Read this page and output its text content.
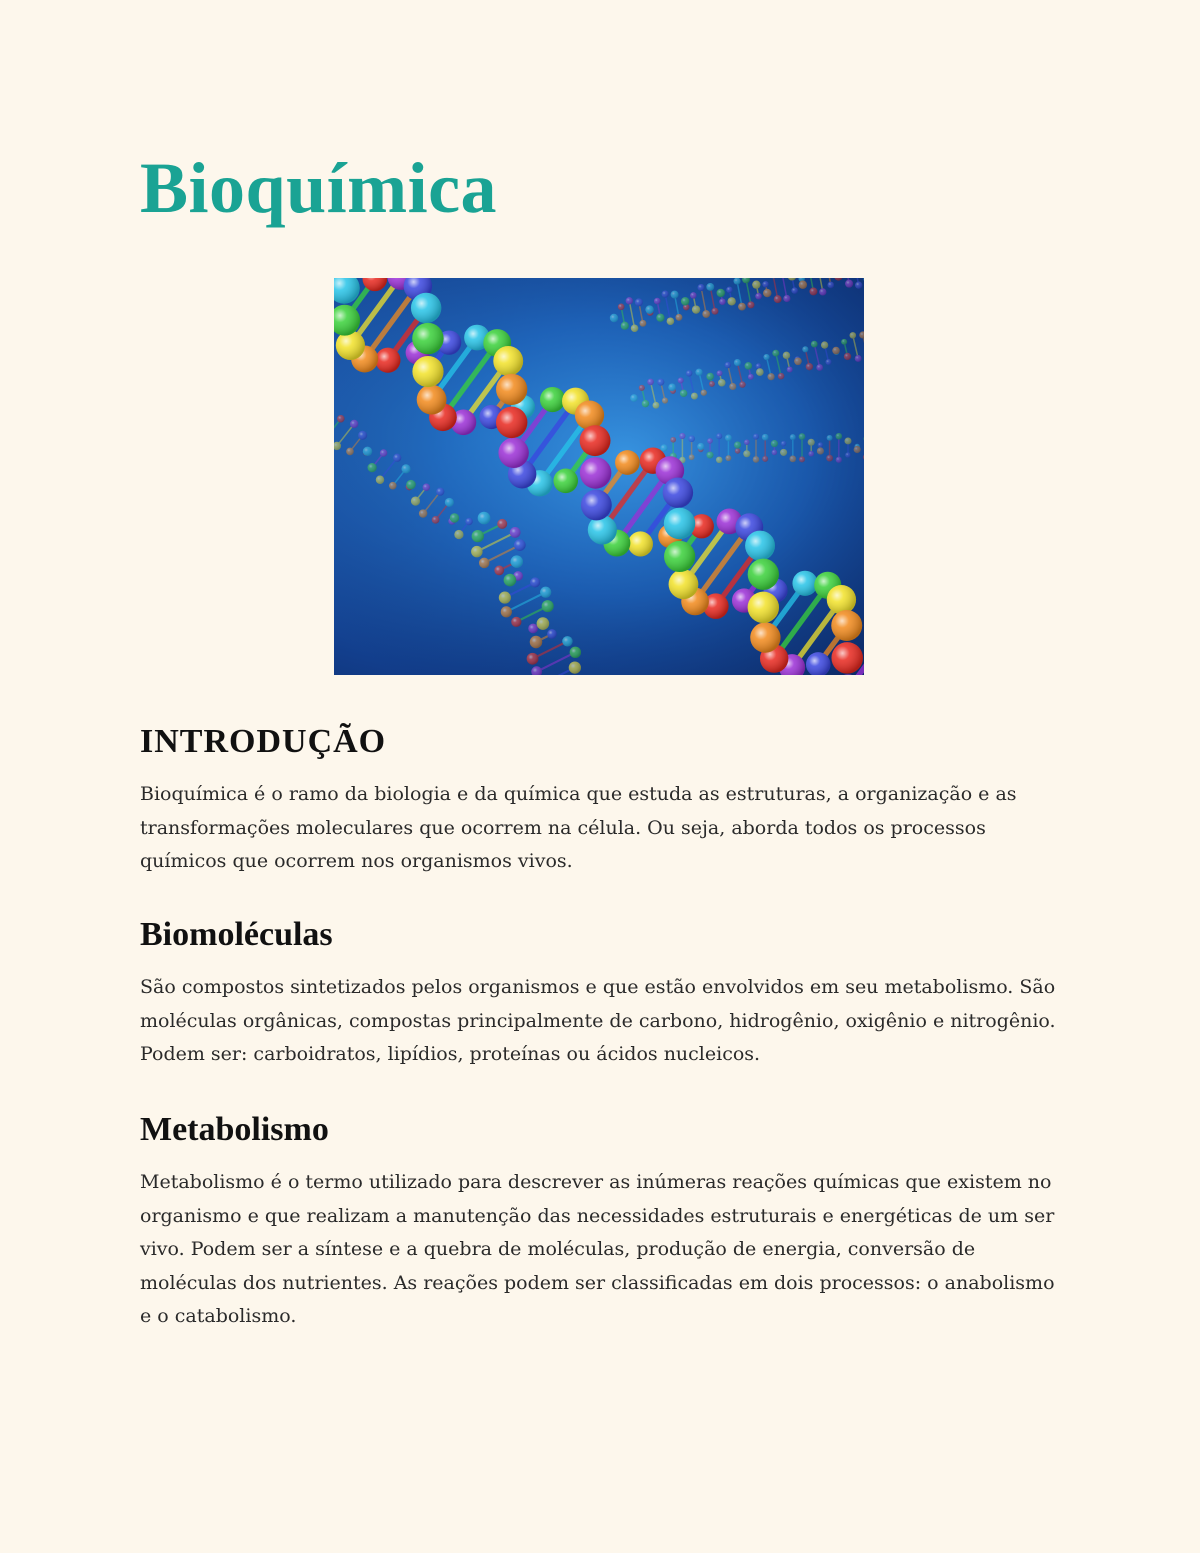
Bioquímica
INTRODUÇÃO

Bioquímica é o ramo da biologia e da química que estuda as estruturas, a organização e as transformações moleculares que ocorrem na célula. Ou seja, aborda todos os processos químicos que ocorrem nos organismos vivos.

Biomoléculas

São compostos sintetizados pelos organismos e que estão envolvidos em seu metabolismo. São moléculas orgânicas, compostas principalmente de carbono, hidrogênio, oxigênio e nitrogênio. Podem ser: carboidratos, lipídios, proteínas ou ácidos nucleicos.

Metabolismo

Metabolismo é o termo utilizado para descrever as inúmeras reações químicas que existem no organismo e que realizam a manutenção das necessidades estruturais e energéticas de um ser vivo. Podem ser a síntese e a quebra de moléculas, produção de energia, conversão de moléculas dos nutrientes. As reações podem ser classificadas em dois processos: o anabolismo e o catabolismo.
